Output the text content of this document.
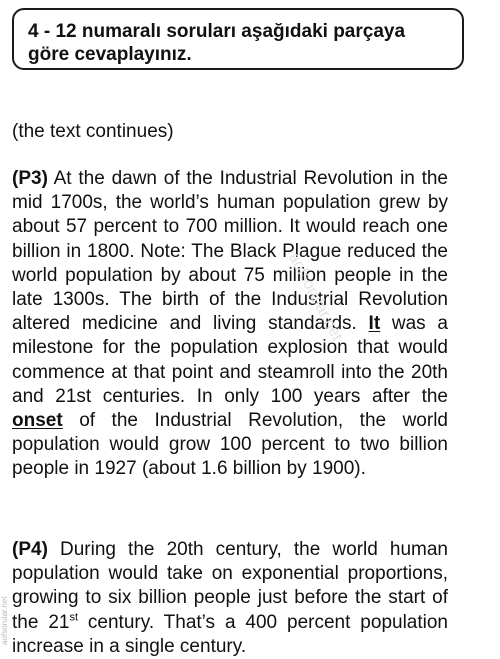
4 - 12 numaralı soruları aşağıdaki parçaya
göre cevaplayınız.
(the text continues)
(P3) At the dawn of the Industrial Revolution in the mid 1700s, the world’s human population grew by about 57 percent to 700 million. It would reach one billion in 1800. Note: The Black Plague reduced the world population by about 75 million people in the late 1300s. The birth of the Industrial Revolution altered medicine and living standards. It was a milestone for the population explosion that would commence at that point and steamroll into the 20th and 21st centuries. In only 100 years after the onset of the Industrial Revolution, the world population would grow 100 percent to two billion people in 1927 (about 1.6 billion by 1900).
(P4) During the 20th century, the world human population would take on exponential proportions, growing to six billion people just before the start of the 21st century. That’s a 400 percent population increase in a single century.
aofsorular.net
aofsorular.net
